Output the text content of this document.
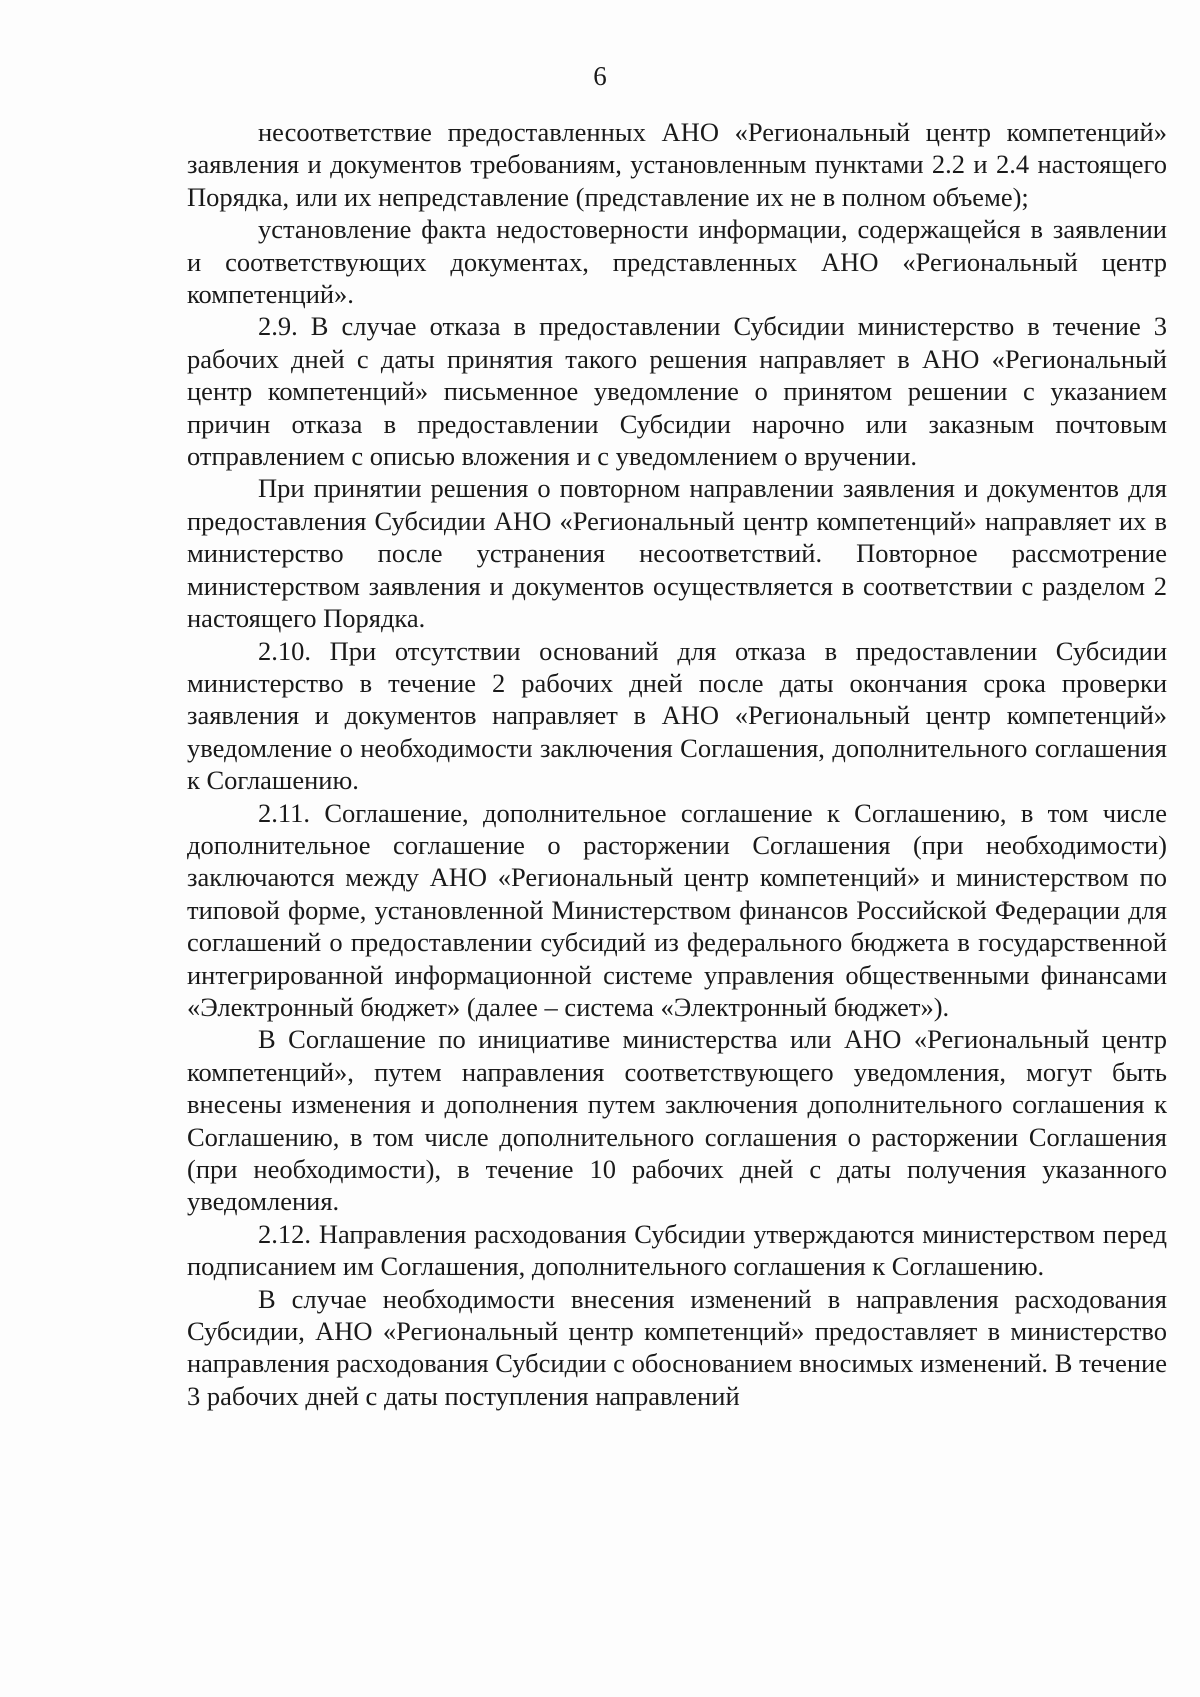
6

несоответствие предоставленных АНО «Региональный центр компетенций» заявления и документов требованиям, установленным пунктами 2.2 и 2.4 настоящего Порядка, или их непредставление (представление их не в полном объеме);

установление факта недостоверности информации, содержащейся в заявлении и соответствующих документах, представленных АНО «Региональный центр компетенций».

2.9. В случае отказа в предоставлении Субсидии министерство в течение 3 рабочих дней с даты принятия такого решения направляет в АНО «Региональный центр компетенций» письменное уведомление о принятом решении с указанием причин отказа в предоставлении Субсидии нарочно или заказным почтовым отправлением с описью вложения и с уведомлением о вручении.

При принятии решения о повторном направлении заявления и документов для предоставления Субсидии АНО «Региональный центр компетенций» направляет их в министерство после устранения несоответствий. Повторное рассмотрение министерством заявления и документов осуществляется в соответствии с разделом 2 настоящего Порядка.

2.10. При отсутствии оснований для отказа в предоставлении Субсидии министерство в течение 2 рабочих дней после даты окончания срока проверки заявления и документов направляет в АНО «Региональный центр компетенций» уведомление о необходимости заключения Соглашения, дополнительного соглашения к Соглашению.

2.11. Соглашение, дополнительное соглашение к Соглашению, в том числе дополнительное соглашение о расторжении Соглашения (при необходимости) заключаются между АНО «Региональный центр компетенций» и министерством по типовой форме, установленной Министерством финансов Российской Федерации для соглашений о предоставлении субсидий из федерального бюджета в государственной интегрированной информационной системе управления общественными финансами «Электронный бюджет» (далее – система «Электронный бюджет»).

В Соглашение по инициативе министерства или АНО «Региональный центр компетенций», путем направления соответствующего уведомления, могут быть внесены изменения и дополнения путем заключения дополнительного соглашения к Соглашению, в том числе дополнительного соглашения о расторжении Соглашения (при необходимости), в течение 10 рабочих дней с даты получения указанного уведомления.

2.12. Направления расходования Субсидии утверждаются министерством перед подписанием им Соглашения, дополнительного соглашения к Соглашению.

В случае необходимости внесения изменений в направления расходования Субсидии, АНО «Региональный центр компетенций» предоставляет в министерство направления расходования Субсидии с обоснованием вносимых изменений. В течение 3 рабочих дней с даты поступления направлений
